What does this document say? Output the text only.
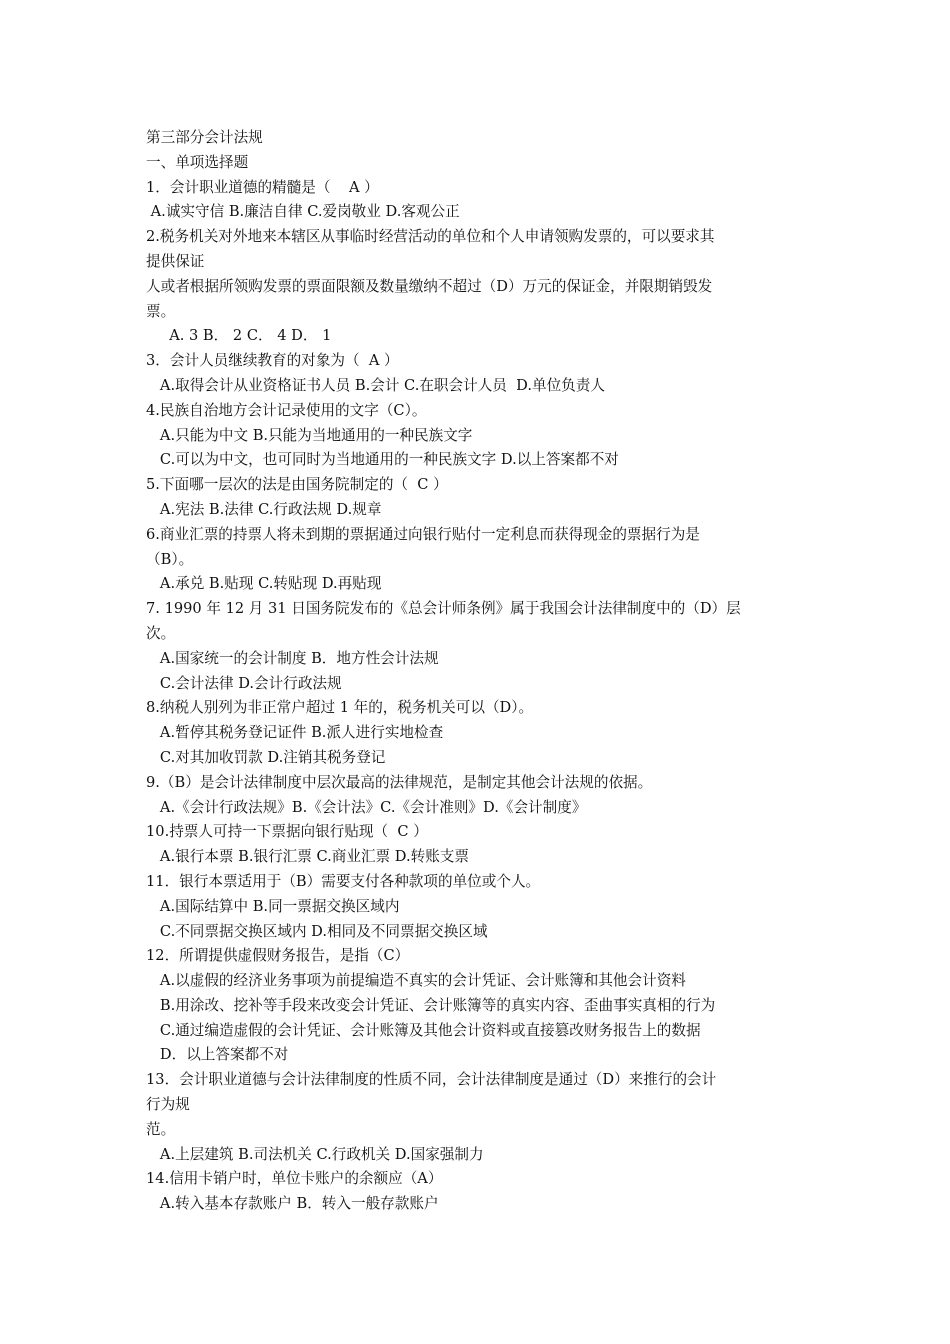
第三部分会计法规
一、单项选择题
1．会计职业道德的精髓是（    A ）
A.诚实守信 B.廉洁自律 C.爱岗敬业 D.客观公正
2.税务机关对外地来本辖区从事临时经营活动的单位和个人申请领购发票的，可以要求其
提供保证
人或者根据所领购发票的票面限额及数量缴纳不超过（D）万元的保证金，并限期销毁发
票。
A. 3 B． 2 C． 4 D． 1
3．会计人员继续教育的对象为（  A ）
A.取得会计从业资格证书人员 B.会计 C.在职会计人员  D.单位负责人
4.民族自治地方会计记录使用的文字（C）。
A.只能为中文 B.只能为当地通用的一种民族文字
C.可以为中文，也可同时为当地通用的一种民族文字 D.以上答案都不对
5.下面哪一层次的法是由国务院制定的（  C ）
A.宪法 B.法律 C.行政法规 D.规章
6.商业汇票的持票人将未到期的票据通过向银行贴付一定利息而获得现金的票据行为是
（B）。
A.承兑 B.贴现 C.转贴现 D.再贴现
7. 1990 年 12 月 31 日国务院发布的《总会计师条例》属于我国会计法律制度中的（D）层
次。
A.国家统一的会计制度 B．地方性会计法规
C.会计法律 D.会计行政法规
8.纳税人别列为非正常户超过 1 年的，税务机关可以（D）。
A.暂停其税务登记证件 B.派人进行实地检查
C.对其加收罚款 D.注销其税务登记
9.（B）是会计法律制度中层次最高的法律规范，是制定其他会计法规的依据。
A.《会计行政法规》B.《会计法》C.《会计准则》D.《会计制度》
10.持票人可持一下票据向银行贴现（  C ）
A.银行本票 B.银行汇票 C.商业汇票 D.转账支票
11．银行本票适用于（B）需要支付各种款项的单位或个人。
A.国际结算中 B.同一票据交换区域内
C.不同票据交换区域内 D.相同及不同票据交换区域
12．所谓提供虚假财务报告，是指（C）
A.以虚假的经济业务事项为前提编造不真实的会计凭证、会计账簿和其他会计资料
B.用涂改、挖补等手段来改变会计凭证、会计账簿等的真实内容、歪曲事实真相的行为
C.通过编造虚假的会计凭证、会计账簿及其他会计资料或直接篡改财务报告上的数据
D．以上答案都不对
13．会计职业道德与会计法律制度的性质不同，会计法律制度是通过（D）来推行的会计
行为规
范。
A.上层建筑 B.司法机关 C.行政机关 D.国家强制力
14.信用卡销户时，单位卡账户的余额应（A）
A.转入基本存款账户 B．转入一般存款账户
